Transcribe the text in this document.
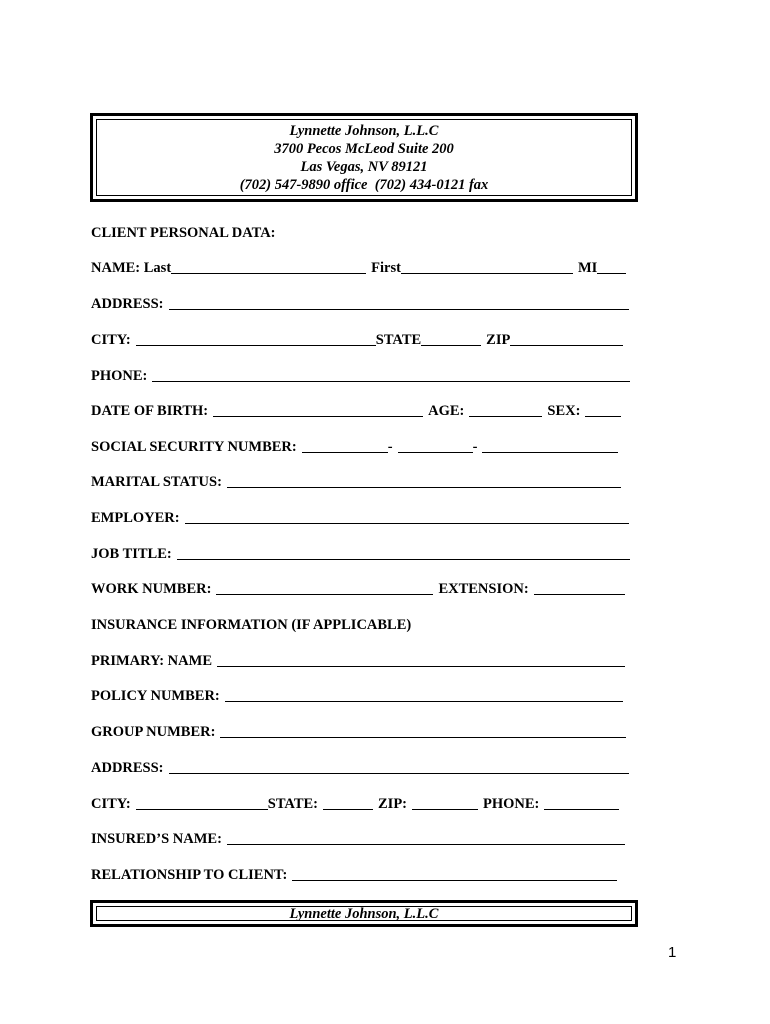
Lynnette Johnson, L.L.C
3700 Pecos McLeod Suite 200
Las Vegas, NV 89121
(702) 547-9890 office  (702) 434-0121 fax
CLIENT PERSONAL DATA:
NAME: Last	First	MI
ADDRESS:
CITY:	STATE	ZIP
PHONE:
DATE OF BIRTH:	AGE:	SEX:
SOCIAL SECURITY NUMBER:	-	-
MARITAL STATUS:
EMPLOYER:
JOB TITLE:
WORK NUMBER:	EXTENSION:
INSURANCE INFORMATION (IF APPLICABLE)
PRIMARY: NAME
POLICY NUMBER:
GROUP NUMBER:
ADDRESS:
CITY:	STATE:	ZIP:	PHONE:
INSURED’S NAME:
RELATIONSHIP TO CLIENT:
Lynnette Johnson, L.L.C
1
